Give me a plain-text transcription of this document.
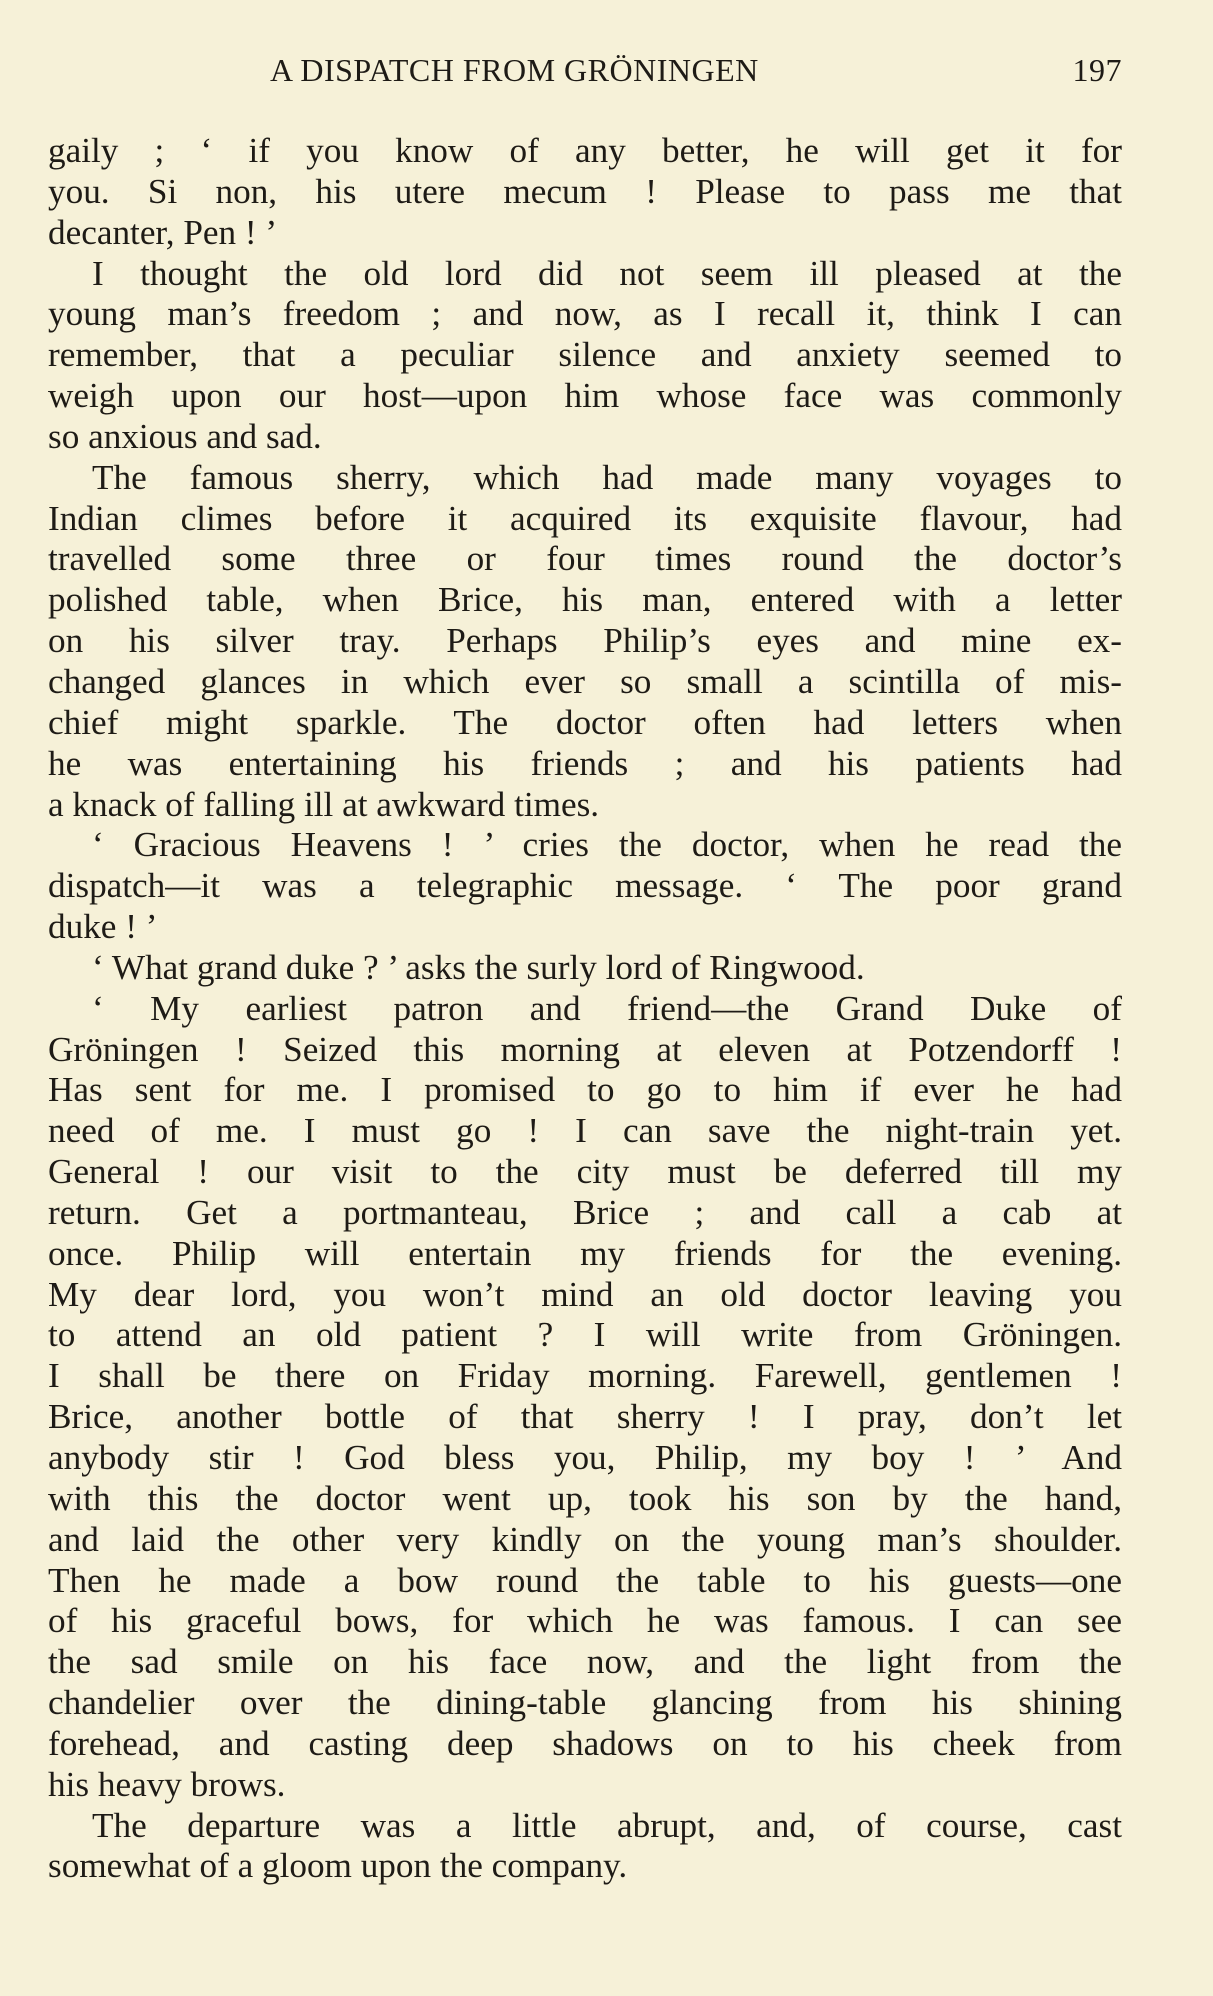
A DISPATCH FROM GRÖNINGEN	197
gaily ; ‘ if you know of any better, he will get it for
you. Si non, his utere mecum ! Please to pass me that
decanter, Pen ! ’
I thought the old lord did not seem ill pleased at the
young man’s freedom ; and now, as I recall it, think I can
remember, that a peculiar silence and anxiety seemed to
weigh upon our host—upon him whose face was commonly
so anxious and sad.
The famous sherry, which had made many voyages to
Indian climes before it acquired its exquisite flavour, had
travelled some three or four times round the doctor’s
polished table, when Brice, his man, entered with a letter
on his silver tray. Perhaps Philip’s eyes and mine ex-
changed glances in which ever so small a scintilla of mis-
chief might sparkle. The doctor often had letters when
he was entertaining his friends ; and his patients had
a knack of falling ill at awkward times.
‘ Gracious Heavens ! ’ cries the doctor, when he read the
dispatch—it was a telegraphic message. ‘ The poor grand
duke ! ’
‘ What grand duke ? ’ asks the surly lord of Ringwood.
‘ My earliest patron and friend—the Grand Duke of
Gröningen ! Seized this morning at eleven at Potzendorff !
Has sent for me. I promised to go to him if ever he had
need of me. I must go ! I can save the night-train yet.
General ! our visit to the city must be deferred till my
return. Get a portmanteau, Brice ; and call a cab at
once. Philip will entertain my friends for the evening.
My dear lord, you won’t mind an old doctor leaving you
to attend an old patient ? I will write from Gröningen.
I shall be there on Friday morning. Farewell, gentlemen !
Brice, another bottle of that sherry ! I pray, don’t let
anybody stir ! God bless you, Philip, my boy ! ’ And
with this the doctor went up, took his son by the hand,
and laid the other very kindly on the young man’s shoulder.
Then he made a bow round the table to his guests—one
of his graceful bows, for which he was famous. I can see
the sad smile on his face now, and the light from the
chandelier over the dining-table glancing from his shining
forehead, and casting deep shadows on to his cheek from
his heavy brows.
The departure was a little abrupt, and, of course, cast
somewhat of a gloom upon the company.
